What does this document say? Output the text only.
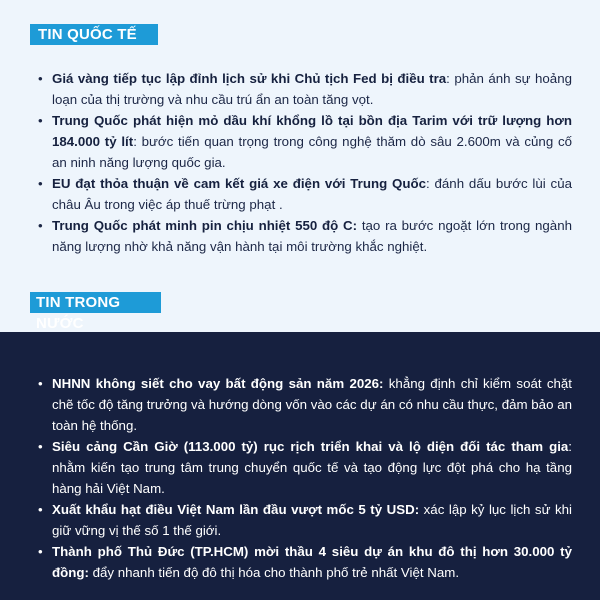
TIN QUỐC TẾ
• Giá vàng tiếp tục lập đỉnh lịch sử khi Chủ tịch Fed bị điều tra: phản ánh sự hoảng loạn của thị trường và nhu cầu trú ẩn an toàn tăng vọt.
• Trung Quốc phát hiện mỏ dầu khí khổng lồ tại bồn địa Tarim với trữ lượng hơn 184.000 tỷ lít: bước tiến quan trọng trong công nghệ thăm dò sâu 2.600m và củng cố an ninh năng lượng quốc gia.
• EU đạt thỏa thuận về cam kết giá xe điện với Trung Quốc: đánh dấu bước lùi của châu Âu trong việc áp thuế trừng phạt .
• Trung Quốc phát minh pin chịu nhiệt 550 độ C: tạo ra bước ngoặt lớn trong ngành năng lượng nhờ khả năng vận hành tại môi trường khắc nghiệt.
TIN TRONG NƯỚC
• NHNN không siết cho vay bất động sản năm 2026: khẳng định chỉ kiểm soát chặt chẽ tốc độ tăng trưởng và hướng dòng vốn vào các dự án có nhu cầu thực, đảm bảo an toàn hệ thống.
• Siêu cảng Cần Giờ (113.000 tỷ) rục rịch triển khai và lộ diện đối tác tham gia: nhằm kiến tạo trung tâm trung chuyển quốc tế và tạo động lực đột phá cho hạ tầng hàng hải Việt Nam.
• Xuất khẩu hạt điều Việt Nam lần đầu vượt mốc 5 tỷ USD: xác lập kỷ lục lịch sử khi giữ vững vị thế số 1 thế giới.
• Thành phố Thủ Đức (TP.HCM) mời thầu 4 siêu dự án khu đô thị hơn 30.000 tỷ đồng: đẩy nhanh tiến độ đô thị hóa cho thành phố trẻ nhất Việt Nam.
